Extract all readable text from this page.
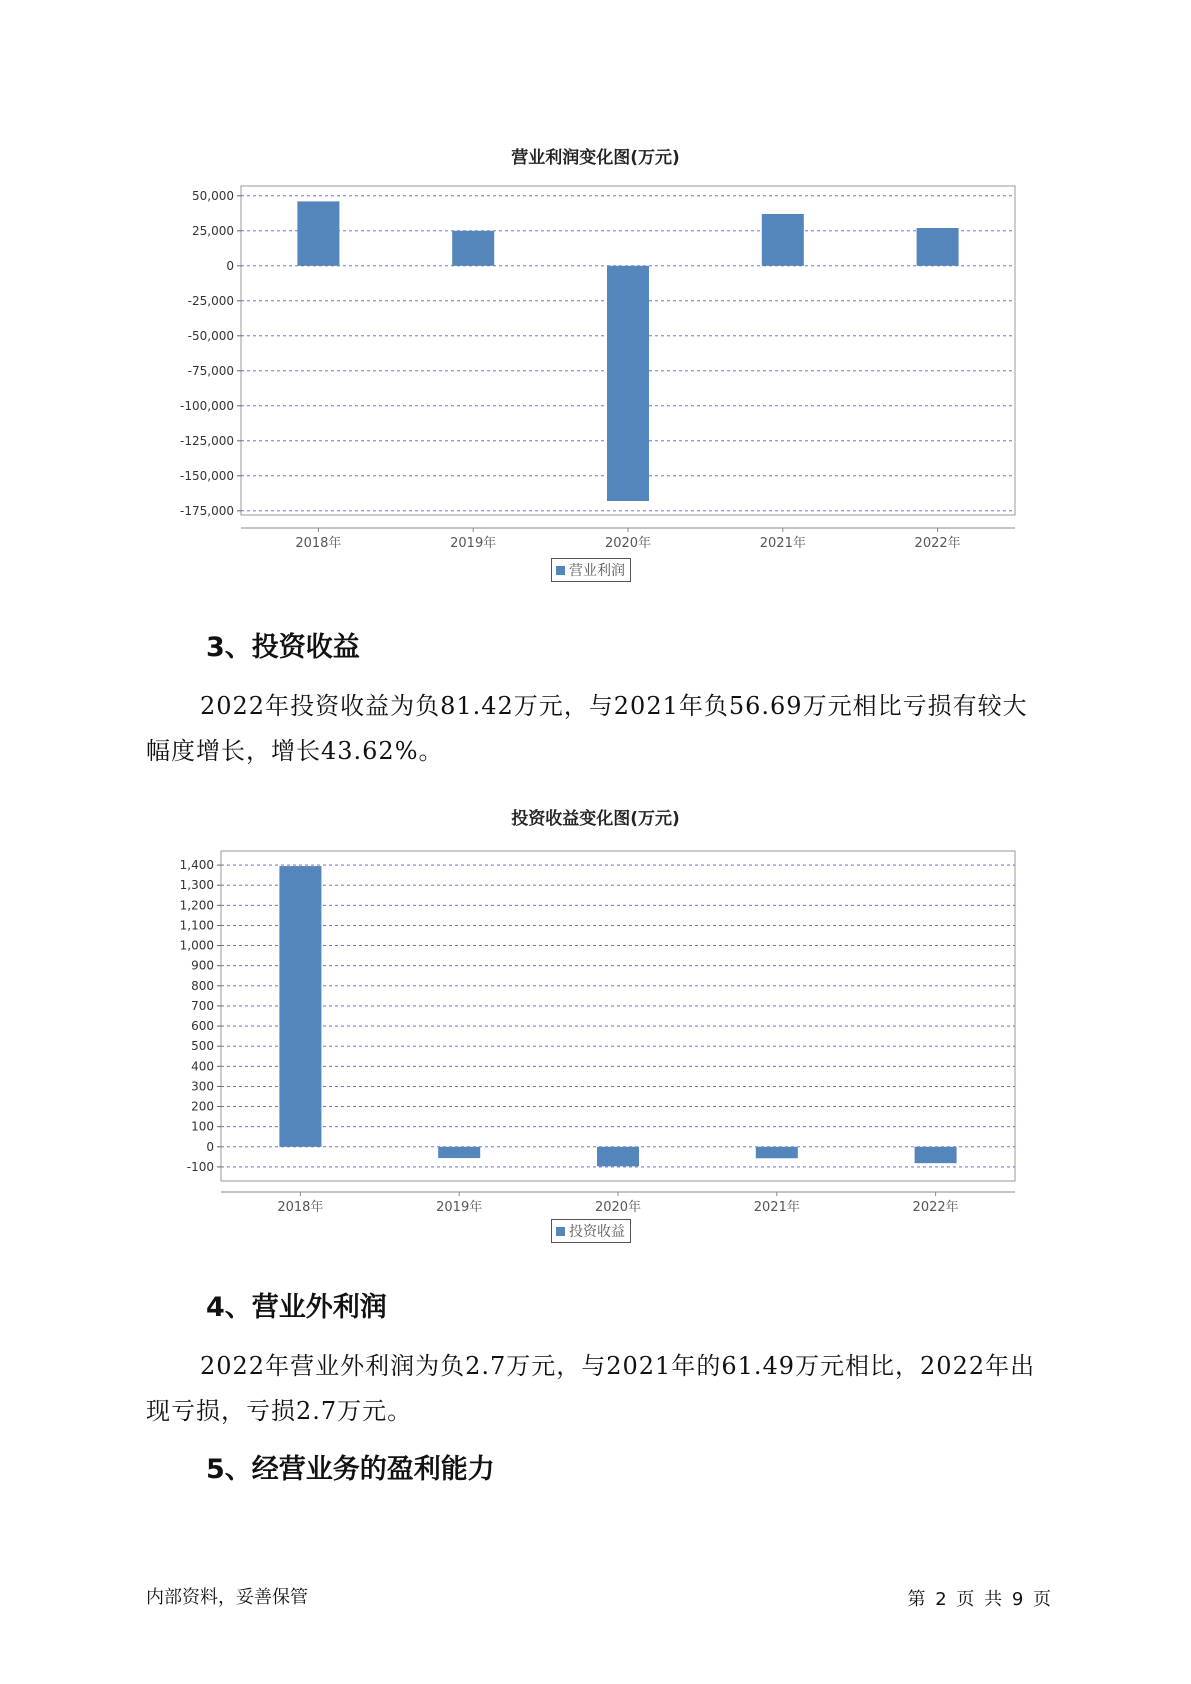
营业利润变化图(万元)
50,000
25,000
0
-25,000
-50,000
-75,000
-100,000
-125,000
-150,000
-175,000
2018年	2019年	2020年	2021年	2022年
营业利润
3、投资收益

2022年投资收益为负81.42万元，与2021年负56.69万元相比亏损有较大幅度增长，增长43.62%。

投资收益变化图(万元)
1,400
1,300
1,200
1,100
1,000
900
800
700
600
500
400
300
200
100
0
-100
2018年	2019年	2020年	2021年	2022年
投资收益
4、营业外利润

2022年营业外利润为负2.7万元，与2021年的61.49万元相比，2022年出现亏损，亏损2.7万元。

5、经营业务的盈利能力
内部资料，妥善保管	第 2 页 共 9 页
